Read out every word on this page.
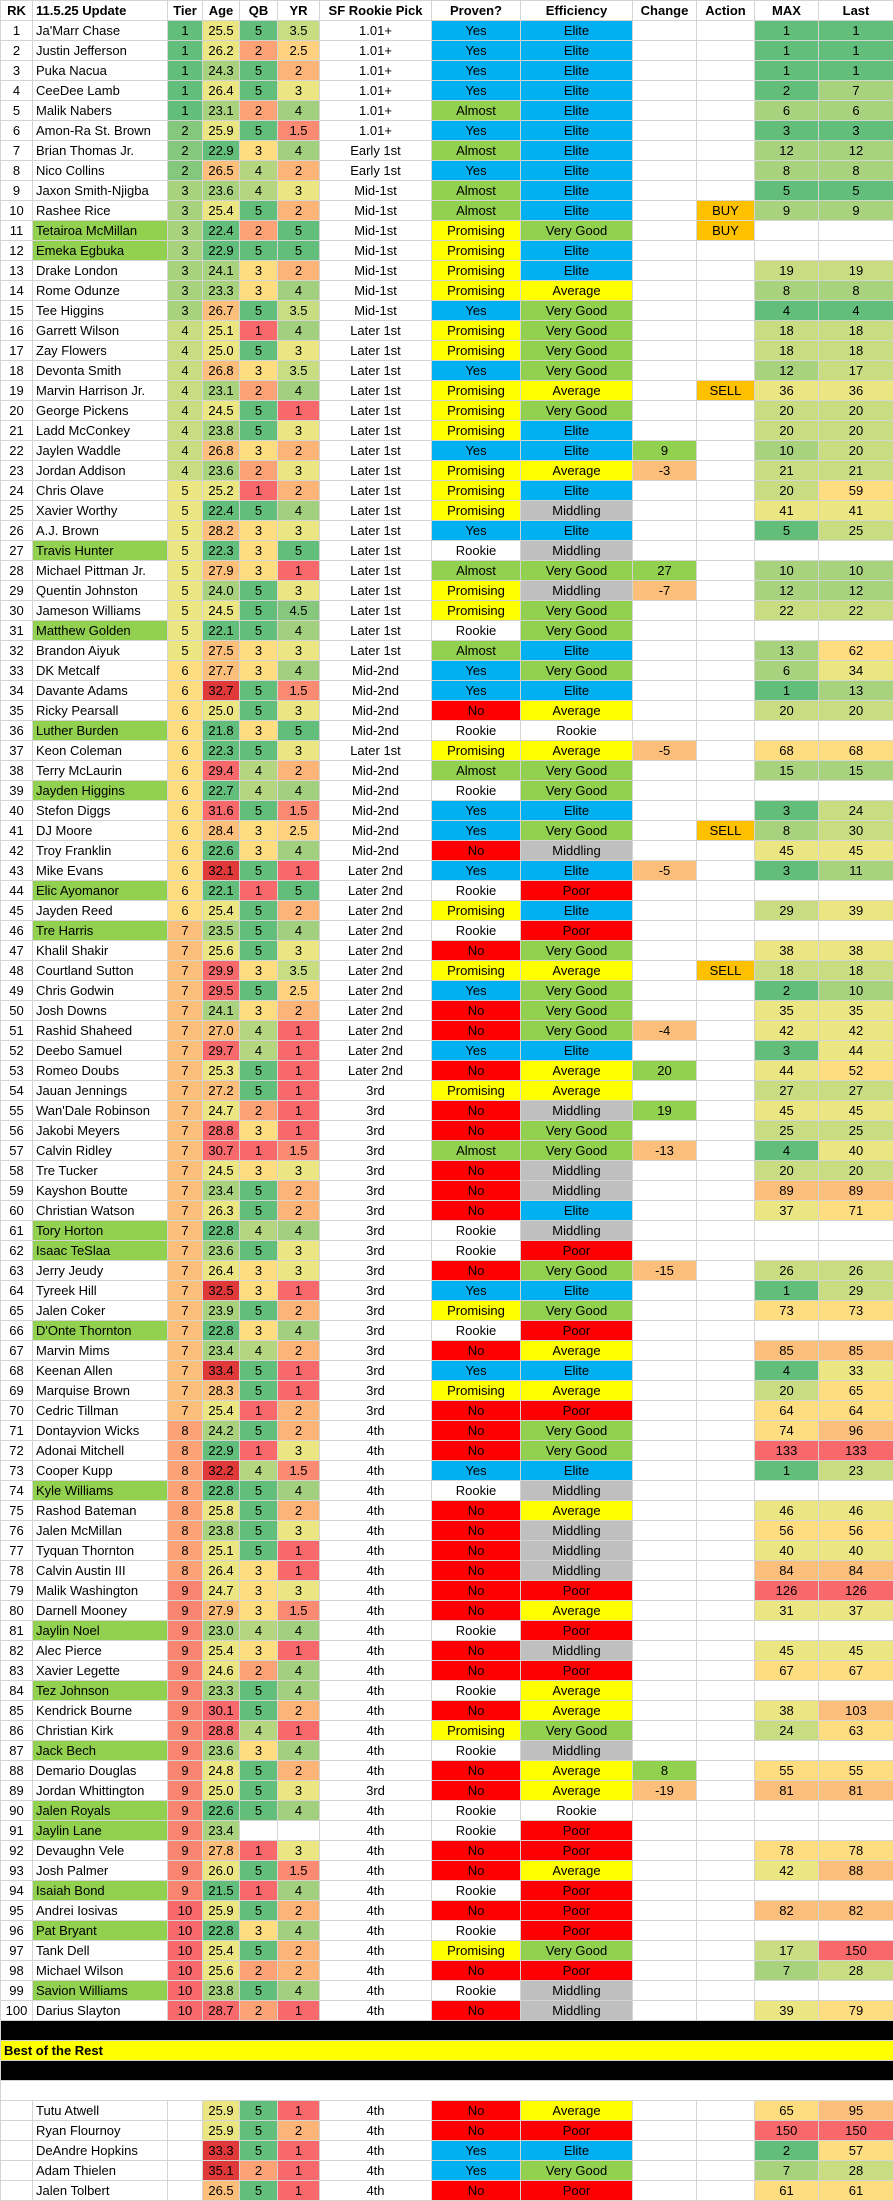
RK	11.5.25 Update	Tier	Age	QB	YR	SF Rookie Pick	Proven?	Efficiency	Change	Action	MAX	Last
1	Ja'Marr Chase	1	25.5	5	3.5	1.01+	Yes	Elite			1	1
2	Justin Jefferson	1	26.2	2	2.5	1.01+	Yes	Elite			1	1
3	Puka Nacua	1	24.3	5	2	1.01+	Yes	Elite			1	1
4	CeeDee Lamb	1	26.4	5	3	1.01+	Yes	Elite			2	7
5	Malik Nabers	1	23.1	2	4	1.01+	Almost	Elite			6	6
6	Amon-Ra St. Brown	2	25.9	5	1.5	1.01+	Yes	Elite			3	3
7	Brian Thomas Jr.	2	22.9	3	4	Early 1st	Almost	Elite			12	12
8	Nico Collins	2	26.5	4	2	Early 1st	Yes	Elite			8	8
9	Jaxon Smith-Njigba	3	23.6	4	3	Mid-1st	Almost	Elite			5	5
10	Rashee Rice	3	25.4	5	2	Mid-1st	Almost	Elite		BUY	9	9
11	Tetairoa McMillan	3	22.4	2	5	Mid-1st	Promising	Very Good		BUY		
12	Emeka Egbuka	3	22.9	5	5	Mid-1st	Promising	Elite				
13	Drake London	3	24.1	3	2	Mid-1st	Promising	Elite			19	19
14	Rome Odunze	3	23.3	3	4	Mid-1st	Promising	Average			8	8
15	Tee Higgins	3	26.7	5	3.5	Mid-1st	Yes	Very Good			4	4
16	Garrett Wilson	4	25.1	1	4	Later 1st	Promising	Very Good			18	18
17	Zay Flowers	4	25.0	5	3	Later 1st	Promising	Very Good			18	18
18	Devonta Smith	4	26.8	3	3.5	Later 1st	Yes	Very Good			12	17
19	Marvin Harrison Jr.	4	23.1	2	4	Later 1st	Promising	Average		SELL	36	36
20	George Pickens	4	24.5	5	1	Later 1st	Promising	Very Good			20	20
21	Ladd McConkey	4	23.8	5	3	Later 1st	Promising	Elite			20	20
22	Jaylen Waddle	4	26.8	3	2	Later 1st	Yes	Elite	9		10	20
23	Jordan Addison	4	23.6	2	3	Later 1st	Promising	Average	-3		21	21
24	Chris Olave	5	25.2	1	2	Later 1st	Promising	Elite			20	59
25	Xavier Worthy	5	22.4	5	4	Later 1st	Promising	Middling			41	41
26	A.J. Brown	5	28.2	3	3	Later 1st	Yes	Elite			5	25
27	Travis Hunter	5	22.3	3	5	Later 1st	Rookie	Middling				
28	Michael Pittman Jr.	5	27.9	3	1	Later 1st	Almost	Very Good	27		10	10
29	Quentin Johnston	5	24.0	5	3	Later 1st	Promising	Middling	-7		12	12
30	Jameson Williams	5	24.5	5	4.5	Later 1st	Promising	Very Good			22	22
31	Matthew Golden	5	22.1	5	4	Later 1st	Rookie	Very Good				
32	Brandon Aiyuk	5	27.5	3	3	Later 1st	Almost	Elite			13	62
33	DK Metcalf	6	27.7	3	4	Mid-2nd	Yes	Very Good			6	34
34	Davante Adams	6	32.7	5	1.5	Mid-2nd	Yes	Elite			1	13
35	Ricky Pearsall	6	25.0	5	3	Mid-2nd	No	Average			20	20
36	Luther Burden	6	21.8	3	5	Mid-2nd	Rookie	Rookie				
37	Keon Coleman	6	22.3	5	3	Later 1st	Promising	Average	-5		68	68
38	Terry McLaurin	6	29.4	4	2	Mid-2nd	Almost	Very Good			15	15
39	Jayden Higgins	6	22.7	4	4	Mid-2nd	Rookie	Very Good				
40	Stefon Diggs	6	31.6	5	1.5	Mid-2nd	Yes	Elite			3	24
41	DJ Moore	6	28.4	3	2.5	Mid-2nd	Yes	Very Good		SELL	8	30
42	Troy Franklin	6	22.6	3	4	Mid-2nd	No	Middling			45	45
43	Mike Evans	6	32.1	5	1	Later 2nd	Yes	Elite	-5		3	11
44	Elic Ayomanor	6	22.1	1	5	Later 2nd	Rookie	Poor				
45	Jayden Reed	6	25.4	5	2	Later 2nd	Promising	Elite			29	39
46	Tre Harris	7	23.5	5	4	Later 2nd	Rookie	Poor				
47	Khalil Shakir	7	25.6	5	3	Later 2nd	No	Very Good			38	38
48	Courtland Sutton	7	29.9	3	3.5	Later 2nd	Promising	Average		SELL	18	18
49	Chris Godwin	7	29.5	5	2.5	Later 2nd	Yes	Very Good			2	10
50	Josh Downs	7	24.1	3	2	Later 2nd	No	Very Good			35	35
51	Rashid Shaheed	7	27.0	4	1	Later 2nd	No	Very Good	-4		42	42
52	Deebo Samuel	7	29.7	4	1	Later 2nd	Yes	Elite			3	44
53	Romeo Doubs	7	25.3	5	1	Later 2nd	No	Average	20		44	52
54	Jauan Jennings	7	27.2	5	1	3rd	Promising	Average			27	27
55	Wan'Dale Robinson	7	24.7	2	1	3rd	No	Middling	19		45	45
56	Jakobi Meyers	7	28.8	3	1	3rd	No	Very Good			25	25
57	Calvin Ridley	7	30.7	1	1.5	3rd	Almost	Very Good	-13		4	40
58	Tre Tucker	7	24.5	3	3	3rd	No	Middling			20	20
59	Kayshon Boutte	7	23.4	5	2	3rd	No	Middling			89	89
60	Christian Watson	7	26.3	5	2	3rd	No	Elite			37	71
61	Tory Horton	7	22.8	4	4	3rd	Rookie	Middling				
62	Isaac TeSlaa	7	23.6	5	3	3rd	Rookie	Poor				
63	Jerry Jeudy	7	26.4	3	3	3rd	No	Very Good	-15		26	26
64	Tyreek Hill	7	32.5	3	1	3rd	Yes	Elite			1	29
65	Jalen Coker	7	23.9	5	2	3rd	Promising	Very Good			73	73
66	D'Onte Thornton	7	22.8	3	4	3rd	Rookie	Poor				
67	Marvin Mims	7	23.4	4	2	3rd	No	Average			85	85
68	Keenan Allen	7	33.4	5	1	3rd	Yes	Elite			4	33
69	Marquise Brown	7	28.3	5	1	3rd	Promising	Average			20	65
70	Cedric Tillman	7	25.4	1	2	3rd	No	Poor			64	64
71	Dontayvion Wicks	8	24.2	5	2	4th	No	Very Good			74	96
72	Adonai Mitchell	8	22.9	1	3	4th	No	Very Good			133	133
73	Cooper Kupp	8	32.2	4	1.5	4th	Yes	Elite			1	23
74	Kyle Williams	8	22.8	5	4	4th	Rookie	Middling				
75	Rashod Bateman	8	25.8	5	2	4th	No	Average			46	46
76	Jalen McMillan	8	23.8	5	3	4th	No	Middling			56	56
77	Tyquan Thornton	8	25.1	5	1	4th	No	Middling			40	40
78	Calvin Austin III	8	26.4	3	1	4th	No	Middling			84	84
79	Malik Washington	9	24.7	3	3	4th	No	Poor			126	126
80	Darnell Mooney	9	27.9	3	1.5	4th	No	Average			31	37
81	Jaylin Noel	9	23.0	4	4	4th	Rookie	Poor				
82	Alec Pierce	9	25.4	3	1	4th	No	Middling			45	45
83	Xavier Legette	9	24.6	2	4	4th	No	Poor			67	67
84	Tez Johnson	9	23.3	5	4	4th	Rookie	Average				
85	Kendrick Bourne	9	30.1	5	2	4th	No	Average			38	103
86	Christian Kirk	9	28.8	4	1	4th	Promising	Very Good			24	63
87	Jack Bech	9	23.6	3	4	4th	Rookie	Middling				
88	Demario Douglas	9	24.8	5	2	4th	No	Average	8		55	55
89	Jordan Whittington	9	25.0	5	3	3rd	No	Average	-19		81	81
90	Jalen Royals	9	22.6	5	4	4th	Rookie	Rookie				
91	Jaylin Lane	9	23.4			4th	Rookie	Poor				
92	Devaughn Vele	9	27.8	1	3	4th	No	Poor			78	78
93	Josh Palmer	9	26.0	5	1.5	4th	No	Average			42	88
94	Isaiah Bond	9	21.5	1	4	4th	Rookie	Poor				
95	Andrei Iosivas	10	25.9	5	2	4th	No	Poor			82	82
96	Pat Bryant	10	22.8	3	4	4th	Rookie	Poor				
97	Tank Dell	10	25.4	5	2	4th	Promising	Very Good			17	150
98	Michael Wilson	10	25.6	2	2	4th	No	Poor			7	28
99	Savion Williams	10	23.8	5	4	4th	Rookie	Middling				
100	Darius Slayton	10	28.7	2	1	4th	No	Middling			39	79

Best of the Rest												

	Tutu Atwell		25.9	5	1	4th	No	Average			65	95
	Ryan Flournoy		25.9	5	2	4th	No	Poor			150	150
	DeAndre Hopkins		33.3	5	1	4th	Yes	Elite			2	57
	Adam Thielen		35.1	2	1	4th	Yes	Very Good			7	28
	Jalen Tolbert		26.5	5	1	4th	No	Poor			61	61
